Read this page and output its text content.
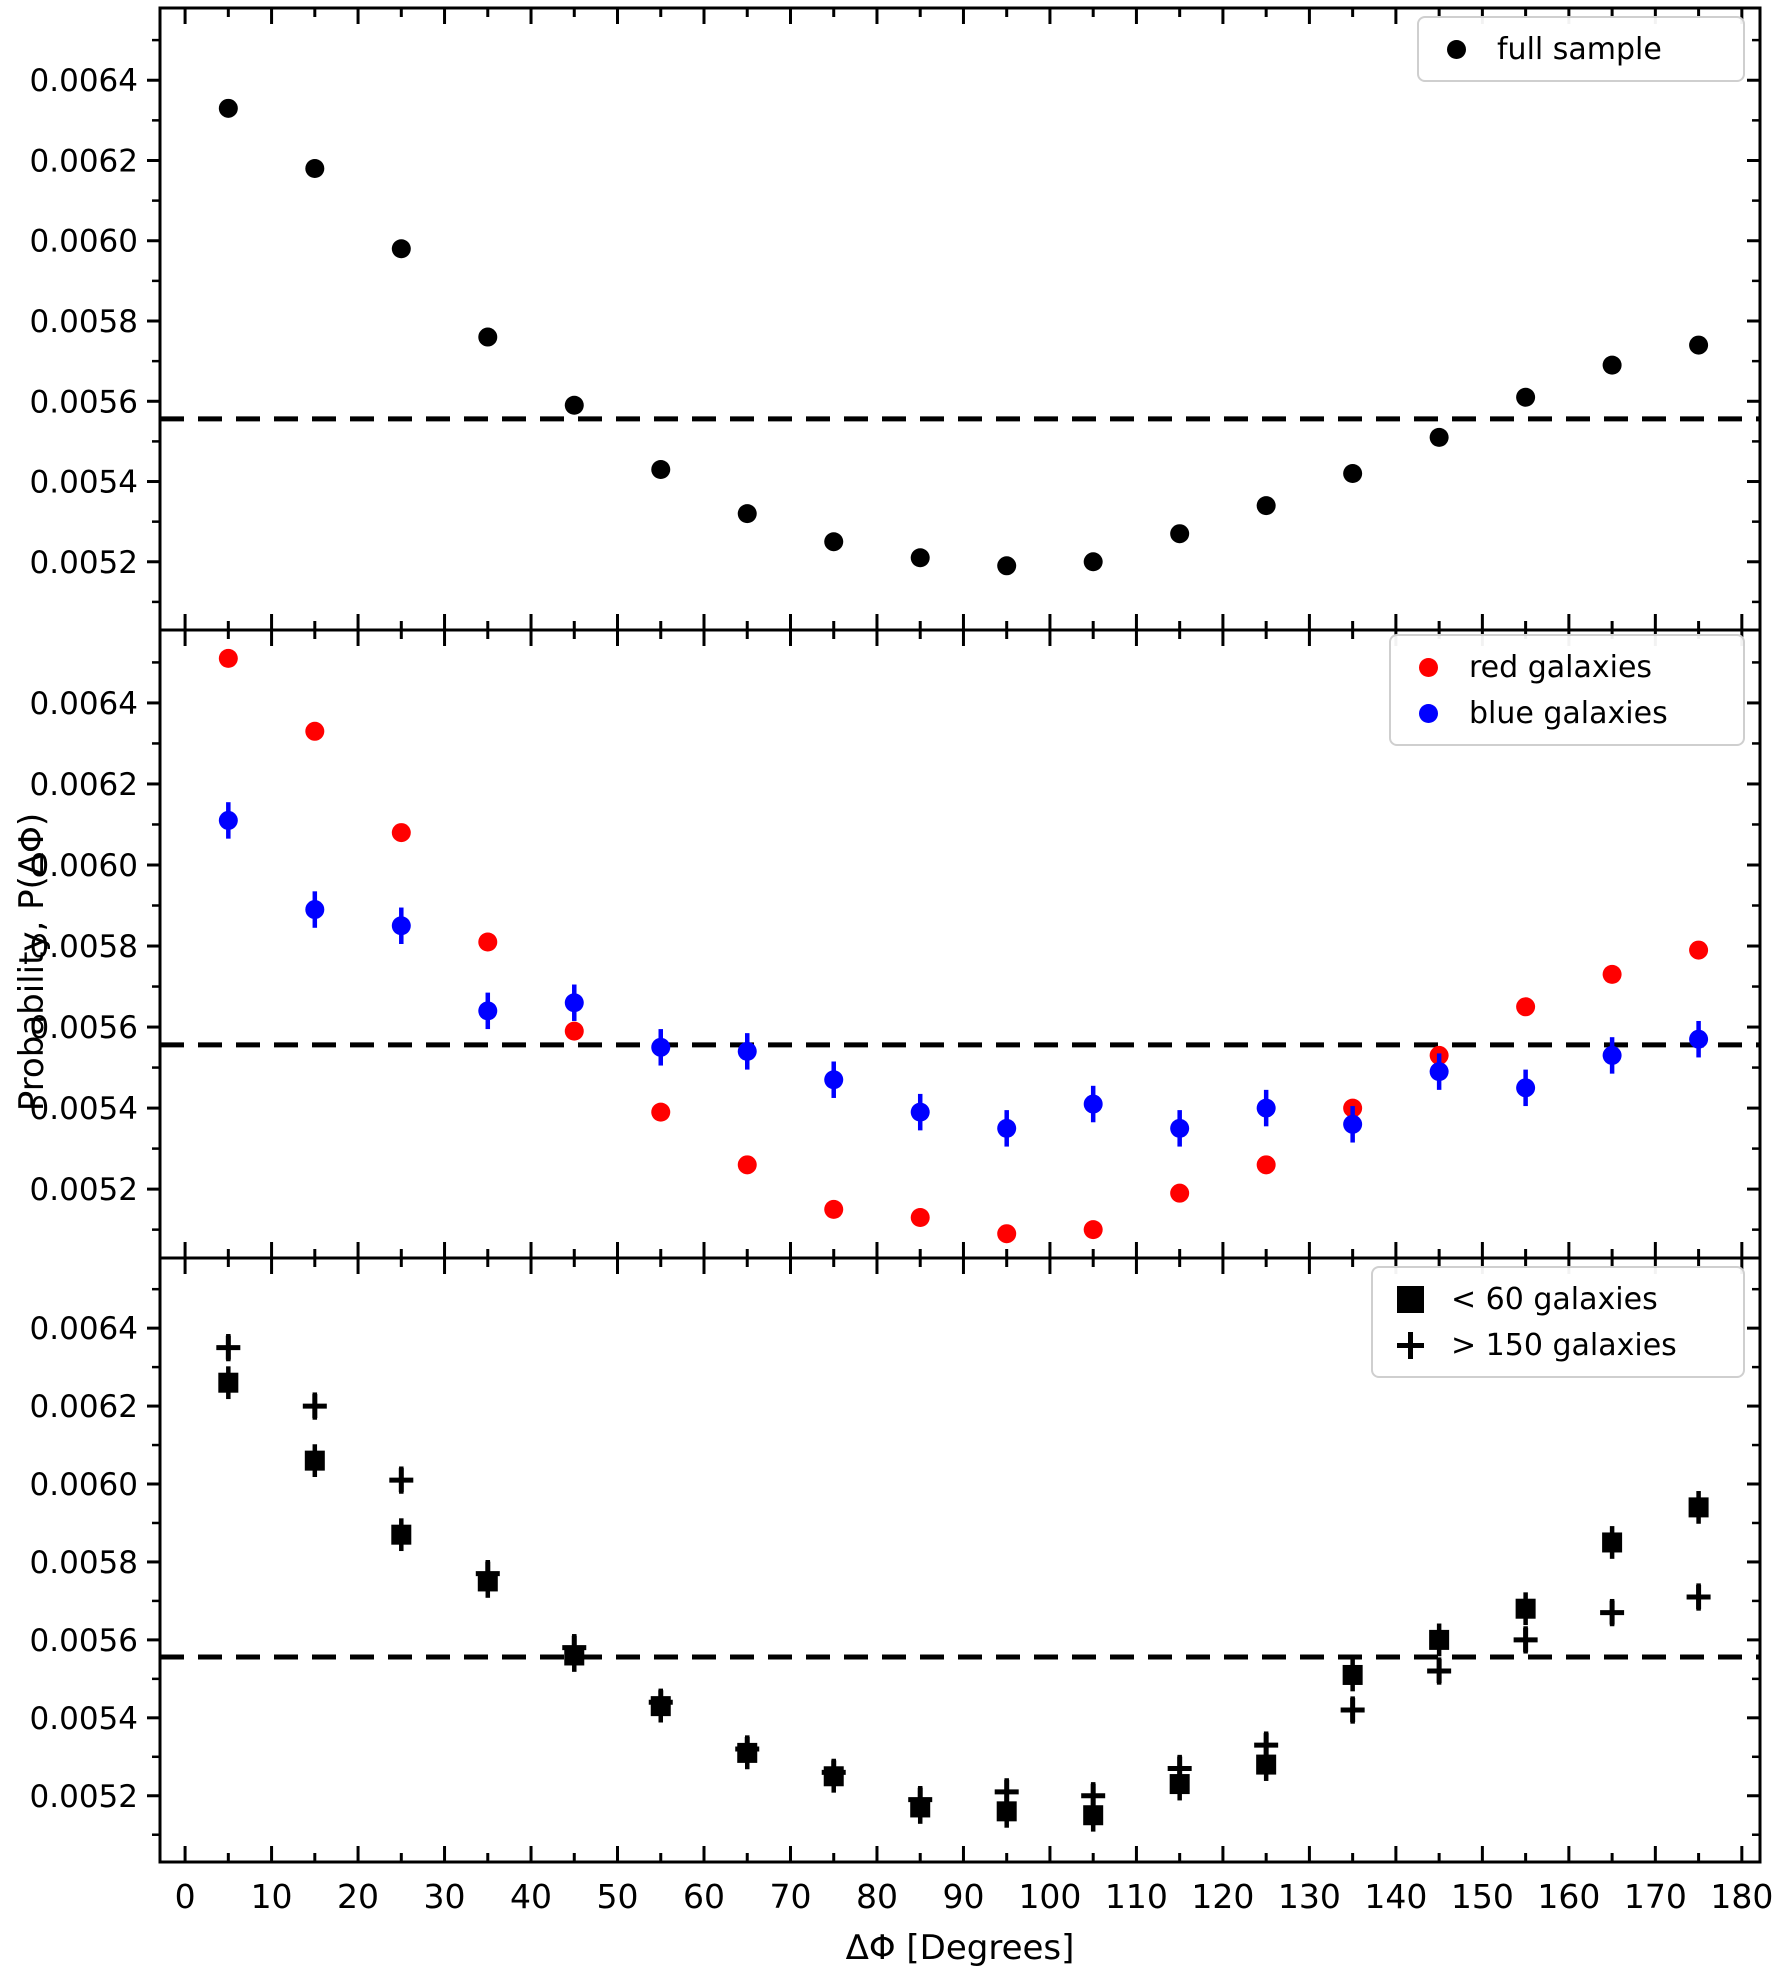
0.0052
0.0054
0.0056
0.0058
0.0060
0.0062
0.0064
0.0052
0.0054
0.0056
0.0058
0.0060
0.0062
0.0064
0.0052
0.0054
0.0056
0.0058
0.0060
0.0062
0.0064
0 10 20 30 40 50 60 70 80 90 100 110 120 130 140 150 160 170 180
Probability, P(ΔΦ)
ΔΦ [Degrees]
full sample
red galaxies
blue galaxies
< 60 galaxies
> 150 galaxies
